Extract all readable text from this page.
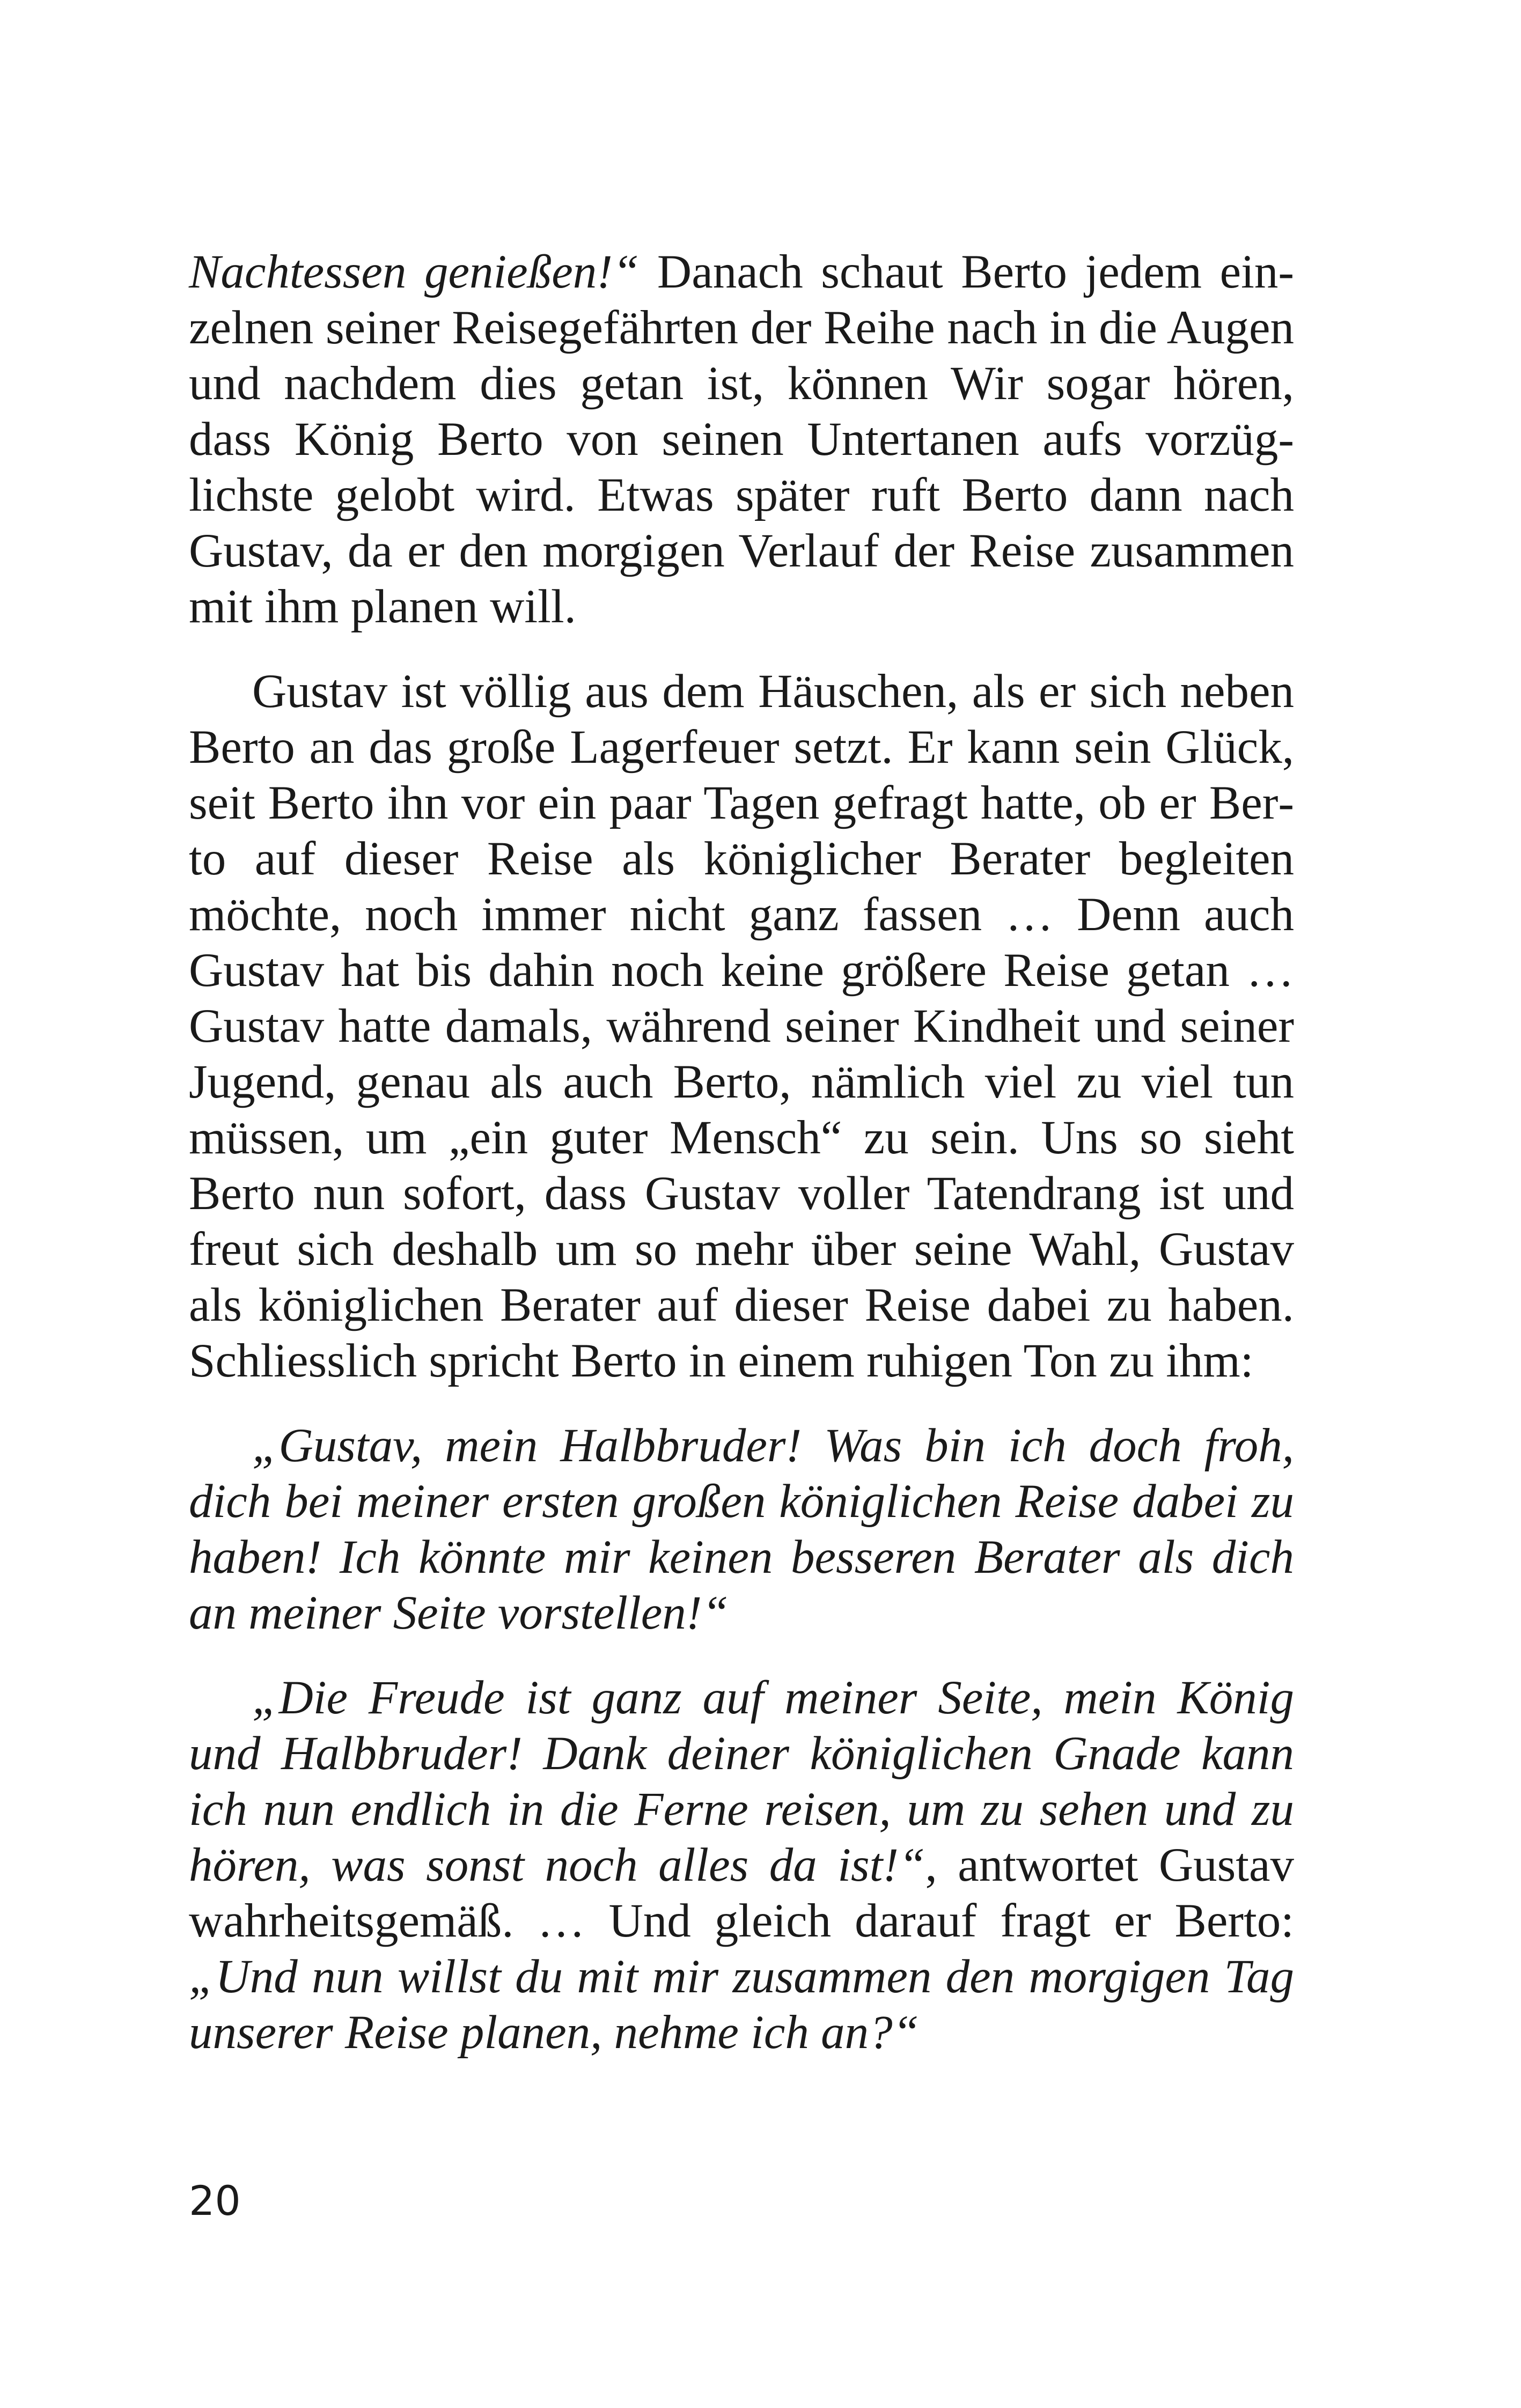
Nachtessen genießen!“ Danach schaut Berto jedem einzelnen seiner Reisegefährten der Reihe nach in die Augen und nachdem dies getan ist, können Wir sogar hören, dass König Berto von seinen Untertanen aufs vorzüglichste gelobt wird. Etwas später ruft Berto dann nach Gustav, da er den morgigen Verlauf der Reise zusammen mit ihm planen will.

Gustav ist völlig aus dem Häuschen, als er sich neben Berto an das große Lagerfeuer setzt. Er kann sein Glück, seit Berto ihn vor ein paar Tagen gefragt hatte, ob er Berto auf dieser Reise als königlicher Berater begleiten möchte, noch immer nicht ganz fassen … Denn auch Gustav hat bis dahin noch keine größere Reise getan … Gustav hatte damals, während seiner Kindheit und seiner Jugend, genau als auch Berto, nämlich viel zu viel tun müssen, um „ein guter Mensch“ zu sein. Uns so sieht Berto nun sofort, dass Gustav voller Tatendrang ist und freut sich deshalb um so mehr über seine Wahl, Gustav als königlichen Berater auf dieser Reise dabei zu haben. Schliesslich spricht Berto in einem ruhigen Ton zu ihm:

„Gustav, mein Halbbruder! Was bin ich doch froh, dich bei meiner ersten großen königlichen Reise dabei zu haben! Ich könnte mir keinen besseren Berater als dich an meiner Seite vorstellen!“

„Die Freude ist ganz auf meiner Seite, mein König und Halbbruder! Dank deiner königlichen Gnade kann ich nun endlich in die Ferne reisen, um zu sehen und zu hören, was sonst noch alles da ist!“, antwortet Gustav wahrheitsgemäß. … Und gleich darauf fragt er Berto: „Und nun willst du mit mir zusammen den morgigen Tag unserer Reise planen, nehme ich an?“

20
